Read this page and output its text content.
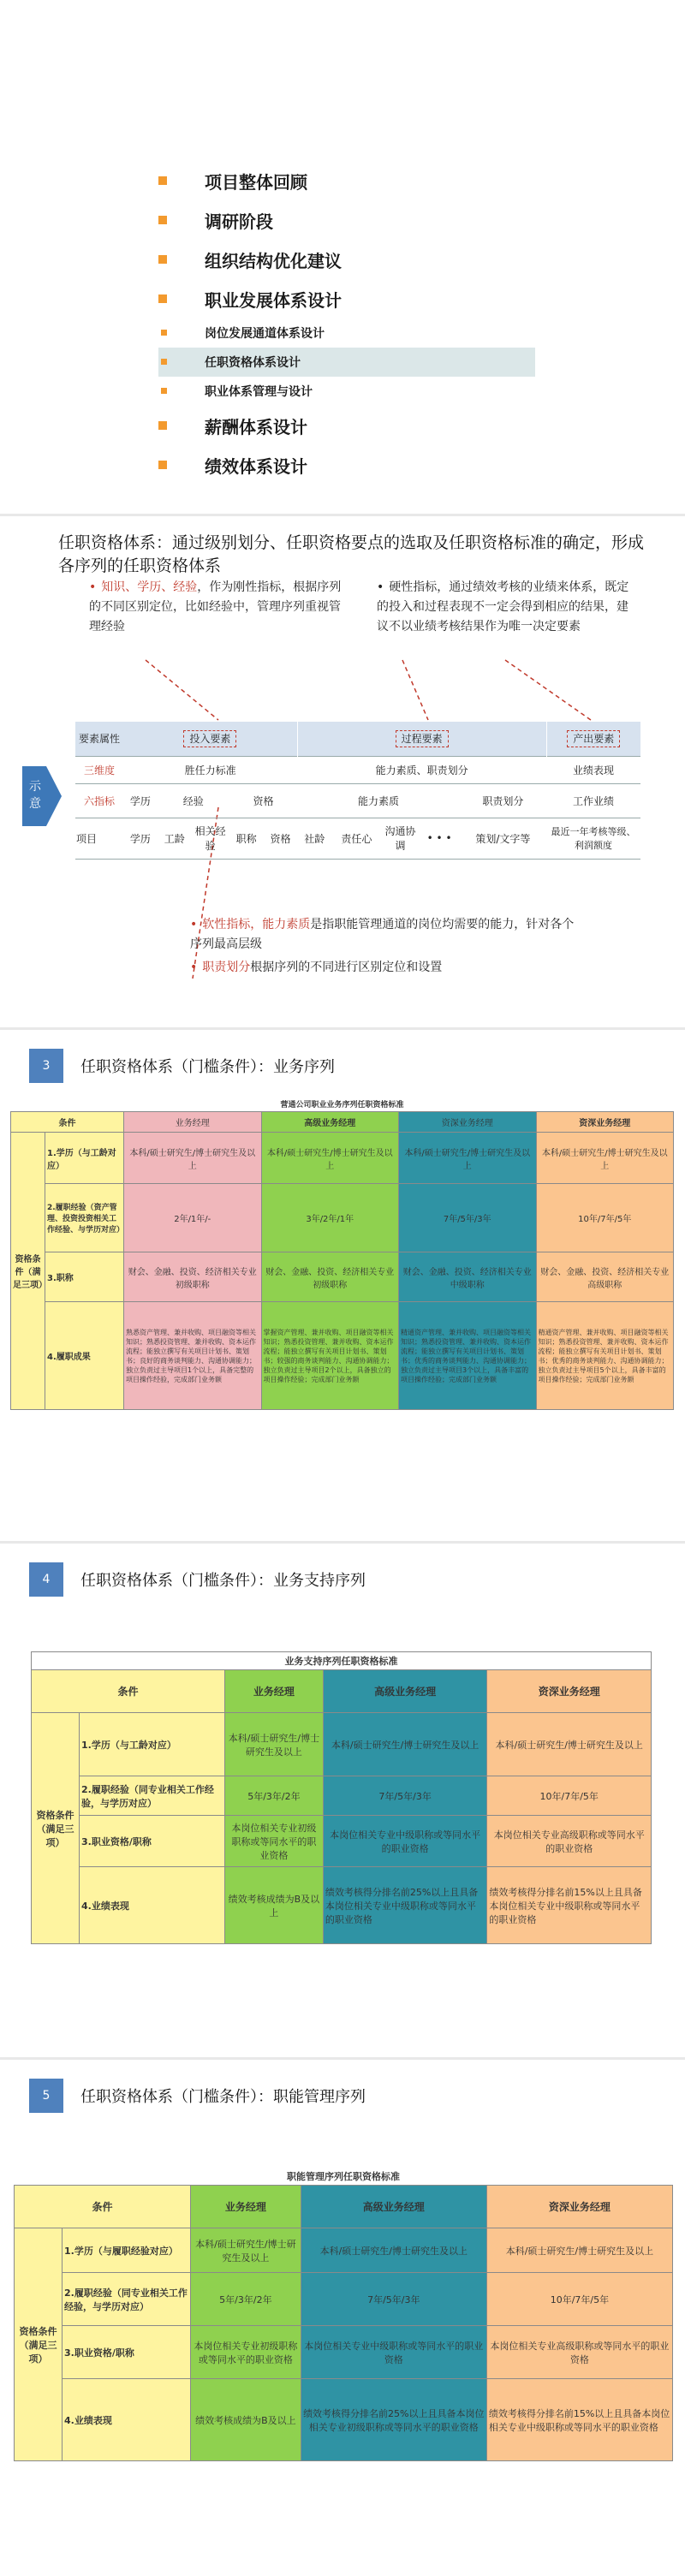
项目整体回顾
调研阶段
组织结构优化建议
职业发展体系设计
岗位发展通道体系设计
任职资格体系设计
职业体系管理与设计
薪酬体系设计
绩效体系设计
任职资格体系：通过级别划分、任职资格要点的选取及任职资格标准的确定，形成各序列的任职资格体系
• 知识、学历、经验，作为刚性指标，根据序列的不同区别定位，比如经验中，管理序列重视管理经验
• 硬性指标，通过绩效考核的业绩来体系，既定的投入和过程表现不一定会得到相应的结果，建议不以业绩考核结果作为唯一决定要素
示意
要素属性	投入要素					过程要素					产出要素
三维度	胜任力标准					能力素质、职责划分					业绩表现
六指标	学历	经验		资格		能力素质				职责划分	工作业绩
项目	学历	工龄	相关经验	职称	资格	社龄	责任心	沟通协调	• • •	策划/文字等	最近一年考核等级、利润额度
• 软性指标，能力素质是指职能管理通道的岗位均需要的能力，针对各个序列最高层级
• 职责划分根据序列的不同进行区别定位和设置
3	任职资格体系（门槛条件）：业务序列
营通公司职业业务序列任职资格标准					
条件		业务经理	高级业务经理	资深业务经理	资深业务经理
资格条件（满足三项）	1.学历（与工龄对应）	本科/硕士研究生/博士研究生及以上	本科/硕士研究生/博士研究生及以上	本科/硕士研究生/博士研究生及以上	本科/硕士研究生/博士研究生及以上
	2.履职经验（资产管理、投资投资相关工作经验、与学历对应）	2年/1年/-	3年/2年/1年	7年/5年/3年	10年/7年/5年
	3.职称	财会、金融、投资、经济相关专业初级职称	财会、金融、投资、经济相关专业初级职称	财会、金融、投资、经济相关专业中级职称	财会、金融、投资、经济相关专业高级职称
	4.履职成果	熟悉资产管理、兼并收购、项目融资等相关知识；熟悉投资管理、兼并收购、资本运作流程；能独立撰写有关项目计划书、策划书；良好的商务谈判能力、沟通协调能力；独立负责过主导项目1个以上，具备完整的项目操作经验，完成部门业务额	掌握资产管理、兼并收购、项目融资等相关知识；熟悉投资管理、兼并收购、资本运作流程；能独立撰写有关项目计划书、策划书；较强的商务谈判能力、沟通协调能力；独立负责过主导项目2个以上，具备独立的项目操作经验；完成部门业务额	精通资产管理、兼并收购、项目融资等相关知识；熟悉投资管理、兼并收购、资本运作流程；能独立撰写有关项目计划书、策划书；优秀的商务谈判能力、沟通协调能力；独立负责过主导项目3个以上，具备丰富的项目操作经验；完成部门业务额	精通资产管理、兼并收购、项目融资等相关知识；熟悉投资管理、兼并收购、资本运作流程；能独立撰写有关项目计划书、策划书；优秀的商务谈判能力、沟通协调能力；独立负责过主导项目5个以上，具备丰富的项目操作经验；完成部门业务额
4	任职资格体系（门槛条件）：业务支持序列
业务支持序列任职资格标准				
条件		业务经理	高级业务经理	资深业务经理
资格条件（满足三项）	1.学历（与工龄对应）	本科/硕士研究生/博士研究生及以上	本科/硕士研究生/博士研究生及以上	本科/硕士研究生/博士研究生及以上
	2.履职经验（同专业相关工作经验，与学历对应）	5年/3年/2年	7年/5年/3年	10年/7年/5年
	3.职业资格/职称	本岗位相关专业初级职称或等同水平的职业资格	本岗位相关专业中级职称或等同水平的职业资格	本岗位相关专业高级职称或等同水平的职业资格
	4.业绩表现	绩效考核成绩为B及以上	绩效考核得分排名前25%以上且具备本岗位相关专业中级职称或等同水平的职业资格	绩效考核得分排名前15%以上且具备本岗位相关专业中级职称或等同水平的职业资格
5	任职资格体系（门槛条件）：职能管理序列
职能管理序列任职资格标准				
条件		业务经理	高级业务经理	资深业务经理
资格条件（满足三项）	1.学历（与履职经验对应）	本科/硕士研究生/博士研究生及以上	本科/硕士研究生/博士研究生及以上	本科/硕士研究生/博士研究生及以上
	2.履职经验（同专业相关工作经验，与学历对应）	5年/3年/2年	7年/5年/3年	10年/7年/5年
	3.职业资格/职称	本岗位相关专业初级职称或等同水平的职业资格	本岗位相关专业中级职称或等同水平的职业资格	本岗位相关专业高级职称或等同水平的职业资格
	4.业绩表现	绩效考核成绩为B及以上	绩效考核得分排名前25%以上且具备本岗位相关专业初级职称或等同水平的职业资格	绩效考核得分排名前15%以上且具备本岗位相关专业中级职称或等同水平的职业资格
